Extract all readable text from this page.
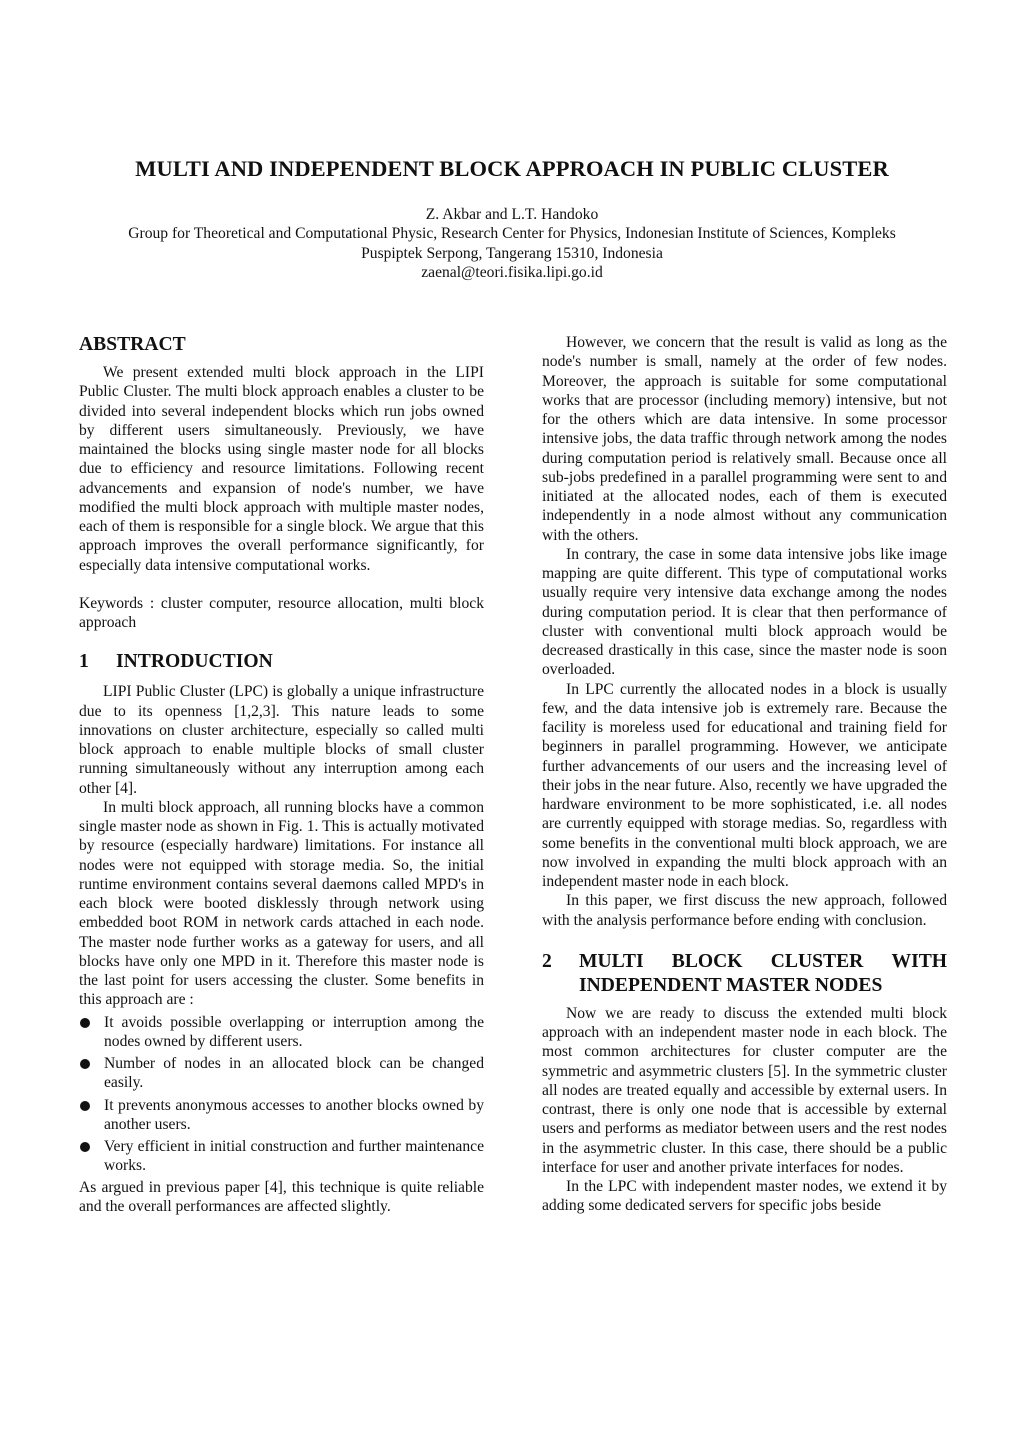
MULTI AND INDEPENDENT BLOCK APPROACH IN PUBLIC CLUSTER
Z. Akbar and L.T. Handoko
Group for Theoretical and Computational Physic, Research Center for Physics, Indonesian Institute of Sciences, Kompleks
Puspiptek Serpong, Tangerang 15310, Indonesia
zaenal@teori.fisika.lipi.go.id
ABSTRACT

We present extended multi block approach in the LIPI Public Cluster. The multi block approach enables a cluster to be divided into several independent blocks which run jobs owned by different users simultaneously. Previously, we have maintained the blocks using single master node for all blocks due to efficiency and resource limitations. Following recent advancements and expansion of node's number, we have modified the multi block approach with multiple master nodes, each of them is responsible for a single block. We argue that this approach improves the overall performance significantly, for especially data intensive computational works.

Keywords : cluster computer, resource allocation, multi block approach

1 INTRODUCTION

LIPI Public Cluster (LPC) is globally a unique infrastructure due to its openness [1,2,3]. This nature leads to some innovations on cluster architecture, especially so called multi block approach to enable multiple blocks of small cluster running simultaneously without any interruption among each other [4].

In multi block approach, all running blocks have a common single master node as shown in Fig. 1. This is actually motivated by resource (especially hardware) limitations. For instance all nodes were not equipped with storage media. So, the initial runtime environment contains several daemons called MPD's in each block were booted disklessly through network using embedded boot ROM in network cards attached in each node. The master node further works as a gateway for users, and all blocks have only one MPD in it. Therefore this master node is the last point for users accessing the cluster. Some benefits in this approach are :

It avoids possible overlapping or interruption among the nodes owned by different users.
Number of nodes in an allocated block can be changed easily.
It prevents anonymous accesses to another blocks owned by another users.
Very efficient in initial construction and further maintenance works.

As argued in previous paper [4], this technique is quite reliable and the overall performances are affected slightly.

However, we concern that the result is valid as long as the node's number is small, namely at the order of few nodes. Moreover, the approach is suitable for some computational works that are processor (including memory) intensive, but not for the others which are data intensive. In some processor intensive jobs, the data traffic through network among the nodes during computation period is relatively small. Because once all sub-jobs predefined in a parallel programming were sent to and initiated at the allocated nodes, each of them is executed independently in a node almost without any communication with the others.

In contrary, the case in some data intensive jobs like image mapping are quite different. This type of computational works usually require very intensive data exchange among the nodes during computation period. It is clear that then performance of cluster with conventional multi block approach would be decreased drastically in this case, since the master node is soon overloaded.

In LPC currently the allocated nodes in a block is usually few, and the data intensive job is extremely rare. Because the facility is moreless used for educational and training field for beginners in parallel programming. However, we anticipate further advancements of our users and the increasing level of their jobs in the near future. Also, recently we have upgraded the hardware environment to be more sophisticated, i.e. all nodes are currently equipped with storage medias. So, regardless with some benefits in the conventional multi block approach, we are now involved in expanding the multi block approach with an independent master node in each block.

In this paper, we first discuss the new approach, followed with the analysis performance before ending with conclusion.

2	MULTI BLOCK CLUSTER WITH
INDEPENDENT MASTER NODES

Now we are ready to discuss the extended multi block approach with an independent master node in each block. The most common architectures for cluster computer are the symmetric and asymmetric clusters [5]. In the symmetric cluster all nodes are treated equally and accessible by external users. In contrast, there is only one node that is accessible by external users and performs as mediator between users and the rest nodes in the asymmetric cluster. In this case, there should be a public interface for user and another private interfaces for nodes.

In the LPC with independent master nodes, we extend it by adding some dedicated servers for specific jobs beside
